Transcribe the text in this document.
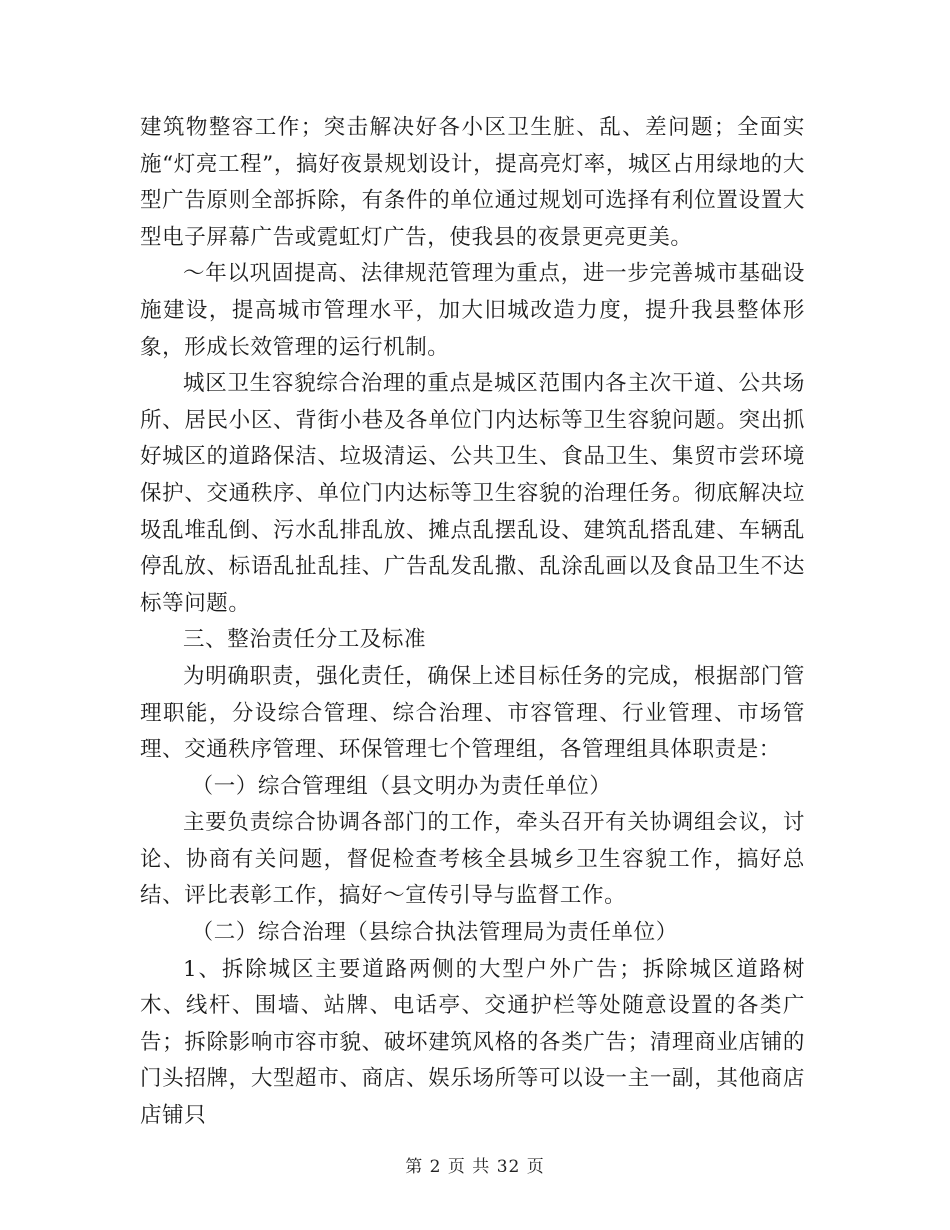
建筑物整容工作；突击解决好各小区卫生脏、乱、差问题；全面实施“灯亮工程”，搞好夜景规划设计，提高亮灯率，城区占用绿地的大型广告原则全部拆除，有条件的单位通过规划可选择有利位置设置大型电子屏幕广告或霓虹灯广告，使我县的夜景更亮更美。

～年以巩固提高、法律规范管理为重点，进一步完善城市基础设施建设，提高城市管理水平，加大旧城改造力度，提升我县整体形象，形成长效管理的运行机制。

城区卫生容貌综合治理的重点是城区范围内各主次干道、公共场所、居民小区、背街小巷及各单位门内达标等卫生容貌问题。突出抓好城区的道路保洁、垃圾清运、公共卫生、食品卫生、集贸市尝环境保护、交通秩序、单位门内达标等卫生容貌的治理任务。彻底解决垃圾乱堆乱倒、污水乱排乱放、摊点乱摆乱设、建筑乱搭乱建、车辆乱停乱放、标语乱扯乱挂、广告乱发乱撒、乱涂乱画以及食品卫生不达标等问题。

三、整治责任分工及标准

为明确职责，强化责任，确保上述目标任务的完成，根据部门管理职能，分设综合管理、综合治理、市容管理、行业管理、市场管理、交通秩序管理、环保管理七个管理组，各管理组具体职责是：

（一）综合管理组（县文明办为责任单位）

主要负责综合协调各部门的工作，牵头召开有关协调组会议，讨论、协商有关问题，督促检查考核全县城乡卫生容貌工作，搞好总结、评比表彰工作，搞好～宣传引导与监督工作。

（二）综合治理（县综合执法管理局为责任单位）

1、拆除城区主要道路两侧的大型户外广告；拆除城区道路树木、线杆、围墙、站牌、电话亭、交通护栏等处随意设置的各类广告；拆除影响市容市貌、破坏建筑风格的各类广告；清理商业店铺的门头招牌，大型超市、商店、娱乐场所等可以设一主一副，其他商店店铺只

第 2 页 共 32 页
